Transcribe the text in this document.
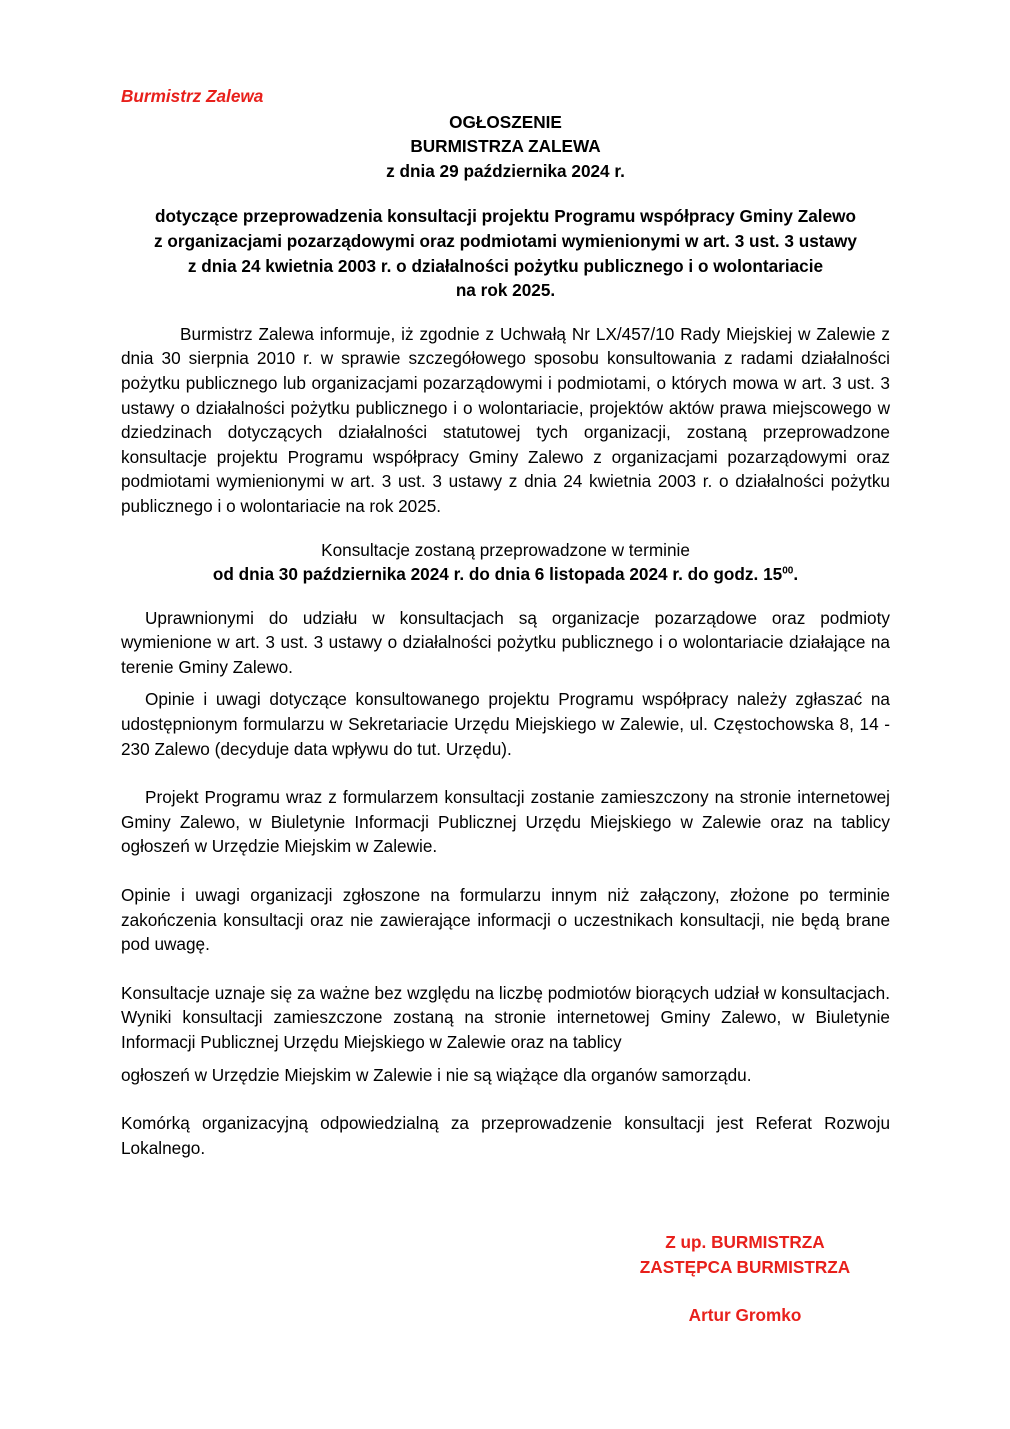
Burmistrz Zalewa

OGŁOSZENIE
BURMISTRZA ZALEWA
z dnia 29 października 2024 r.
dotyczące przeprowadzenia konsultacji projektu Programu współpracy Gminy Zalewo
z organizacjami pozarządowymi oraz podmiotami wymienionymi w art. 3 ust. 3 ustawy
z dnia 24 kwietnia 2003 r. o działalności pożytku publicznego i o wolontariacie
na rok 2025.

Burmistrz Zalewa informuje, iż zgodnie z Uchwałą Nr LX/457/10 Rady Miejskiej w Zalewie z dnia 30 sierpnia 2010 r. w sprawie szczegółowego sposobu konsultowania z radami działalności pożytku publicznego lub organizacjami pozarządowymi i podmiotami, o których mowa w art. 3 ust. 3 ustawy o działalności pożytku publicznego i o wolontariacie, projektów aktów prawa miejscowego w dziedzinach dotyczących działalności statutowej tych organizacji, zostaną przeprowadzone konsultacje projektu Programu współpracy Gminy Zalewo z organizacjami pozarządowymi oraz podmiotami wymienionymi w art. 3 ust. 3 ustawy z dnia 24 kwietnia 2003 r. o działalności pożytku publicznego i o wolontariacie na rok 2025.

Konsultacje zostaną przeprowadzone w terminie
od dnia 30 października 2024 r. do dnia 6 listopada 2024 r. do godz. $15^{00}$.

Uprawnionymi do udziału w konsultacjach są organizacje pozarządowe oraz podmioty wymienione w art. 3 ust. 3 ustawy o działalności pożytku publicznego i o wolontariacie działające na terenie Gminy Zalewo.

Opinie i uwagi dotyczące konsultowanego projektu Programu współpracy należy zgłaszać na udostępnionym formularzu w Sekretariacie Urzędu Miejskiego w Zalewie, ul. Częstochowska 8, 14 - 230 Zalewo (decyduje data wpływu do tut. Urzędu).

Projekt Programu wraz z formularzem konsultacji zostanie zamieszczony na stronie internetowej Gminy Zalewo, w Biuletynie Informacji Publicznej Urzędu Miejskiego w Zalewie oraz na tablicy ogłoszeń w Urzędzie Miejskim w Zalewie.

Opinie i uwagi organizacji zgłoszone na formularzu innym niż załączony, złożone po terminie zakończenia konsultacji oraz nie zawierające informacji o uczestnikach konsultacji, nie będą brane pod uwagę.

Konsultacje uznaje się za ważne bez względu na liczbę podmiotów biorących udział w konsultacjach. Wyniki konsultacji zamieszczone zostaną na stronie internetowej Gminy Zalewo, w Biuletynie Informacji Publicznej Urzędu Miejskiego w Zalewie oraz na tablicy
ogłoszeń w Urzędzie Miejskim w Zalewie i nie są wiążące dla organów samorządu.

Komórką organizacyjną odpowiedzialną za przeprowadzenie konsultacji jest Referat Rozwoju Lokalnego.

Z up. BURMISTRZA
ZASTĘPCA BURMISTRZA
Artur Gromko
